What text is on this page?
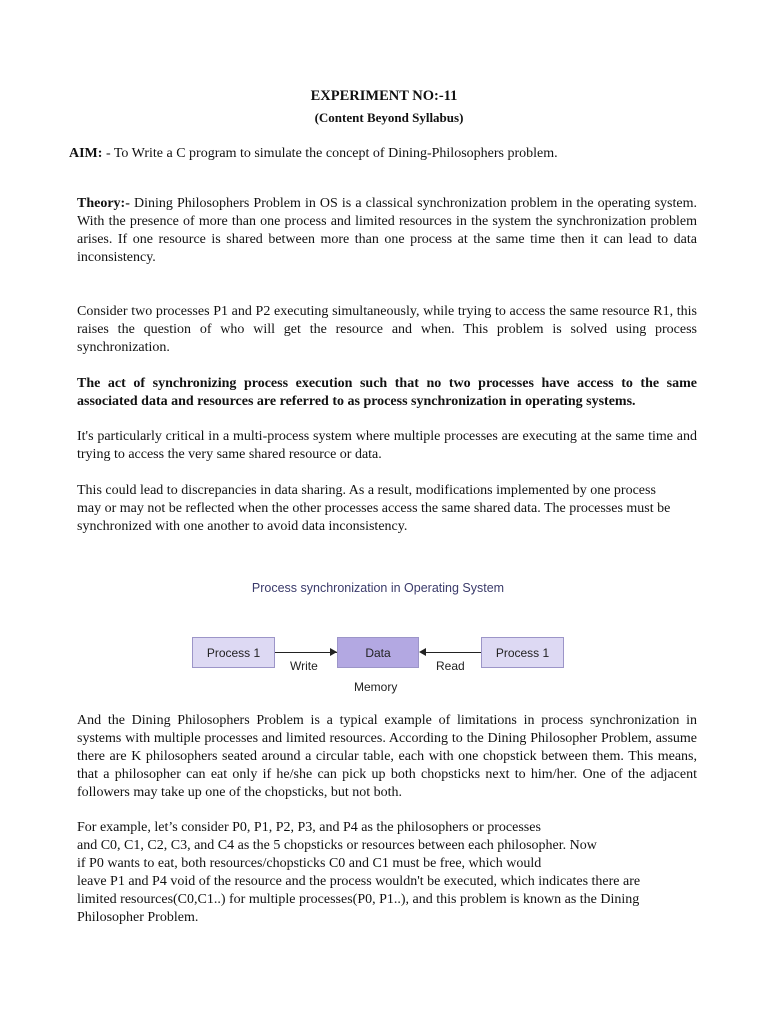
EXPERIMENT NO:-11

(Content Beyond Syllabus)

AIM: - To Write a C program to simulate the concept of Dining-Philosophers problem.

Theory:- Dining Philosophers Problem in OS is a classical synchronization problem in the operating system. With the presence of more than one process and limited resources in the system the synchronization problem arises. If one resource is shared between more than one process at the same time then it can lead to data inconsistency.

Consider two processes P1 and P2 executing simultaneously, while trying to access the same resource R1, this raises the question of who will get the resource and when. This problem is solved using process synchronization.

The act of synchronizing process execution such that no two processes have access to the same associated data and resources are referred to as process synchronization in operating systems.

It's particularly critical in a multi-process system where multiple processes are executing at the same time and trying to access the very same shared resource or data.

This could lead to discrepancies in data sharing. As a result, modifications implemented by one process may or may not be reflected when the other processes access the same shared data. The processes must be synchronized with one another to avoid data inconsistency.

Process synchronization in Operating System
Process 1	Data	Process 1
Write	Read
Memory

And the Dining Philosophers Problem is a typical example of limitations in process synchronization in systems with multiple processes and limited resources. According to the Dining Philosopher Problem, assume there are K philosophers seated around a circular table, each with one chopstick between them. This means, that a philosopher can eat only if he/she can pick up both chopsticks next to him/her. One of the adjacent followers may take up one of the chopsticks, but not both.

For example, let’s consider P0, P1, P2, P3, and P4 as the philosophers or processes
and C0, C1, C2, C3, and C4 as the 5 chopsticks or resources between each philosopher. Now
if P0 wants to eat, both resources/chopsticks C0 and C1 must be free, which would
leave P1 and P4 void of the resource and the process wouldn't be executed, which indicates there are
limited resources(C0,C1..) for multiple processes(P0, P1..), and this problem is known as the Dining
Philosopher Problem.
